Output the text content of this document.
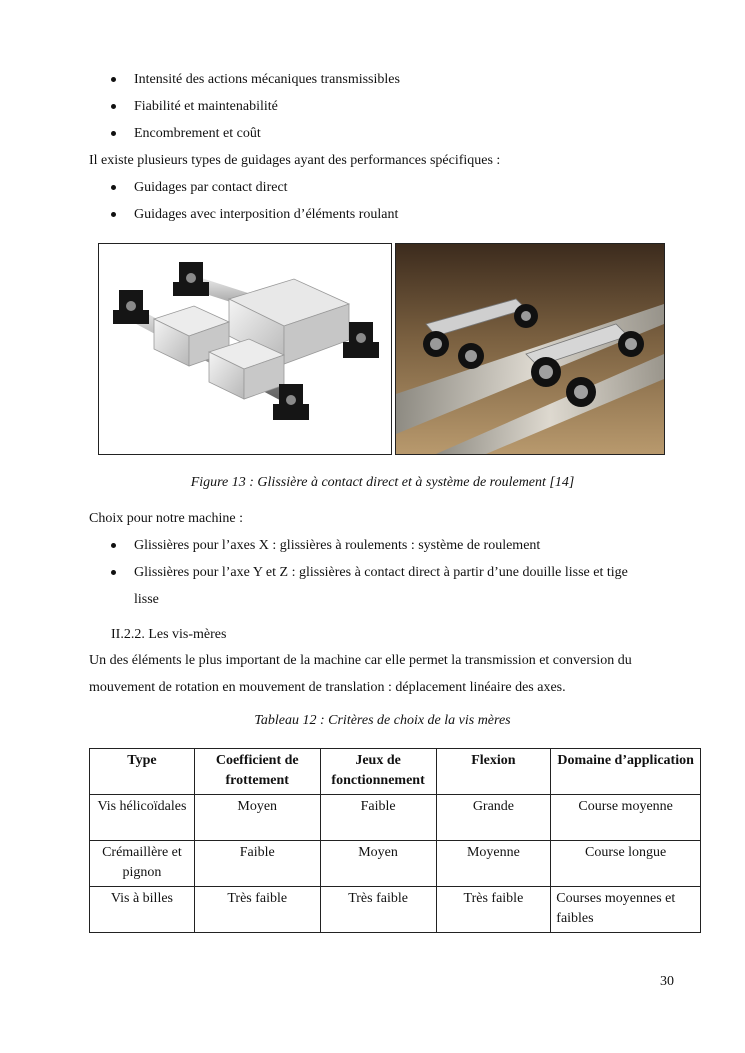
Intensité des actions mécaniques transmissibles
Fiabilité et maintenabilité
Encombrement et coût
Il existe plusieurs types de guidages ayant des performances spécifiques :
Guidages par contact direct
Guidages avec interposition d’éléments roulant
Figure 13 : Glissière à contact direct et à système de roulement [14]
Choix pour notre machine :
Glissières pour l’axes X : glissières à roulements : système de roulement
Glissières pour l’axe Y et Z : glissières à contact direct à partir d’une douille lisse et tige
lisse
II.2.2. Les vis-mères
Un des éléments le plus important de la machine car elle permet la transmission et conversion du
mouvement de rotation en mouvement de translation : déplacement linéaire des axes.
Tableau 12 : Critères de choix de la vis mères
Type	Coefficient de frottement	Jeux de fonctionnement	Flexion	Domaine d’application
Vis hélicoïdales	Moyen	Faible	Grande	Course moyenne
Crémaillère et pignon	Faible	Moyen	Moyenne	Course longue
Vis à billes	Très faible	Très faible	Très faible	Courses moyennes et faibles
30
